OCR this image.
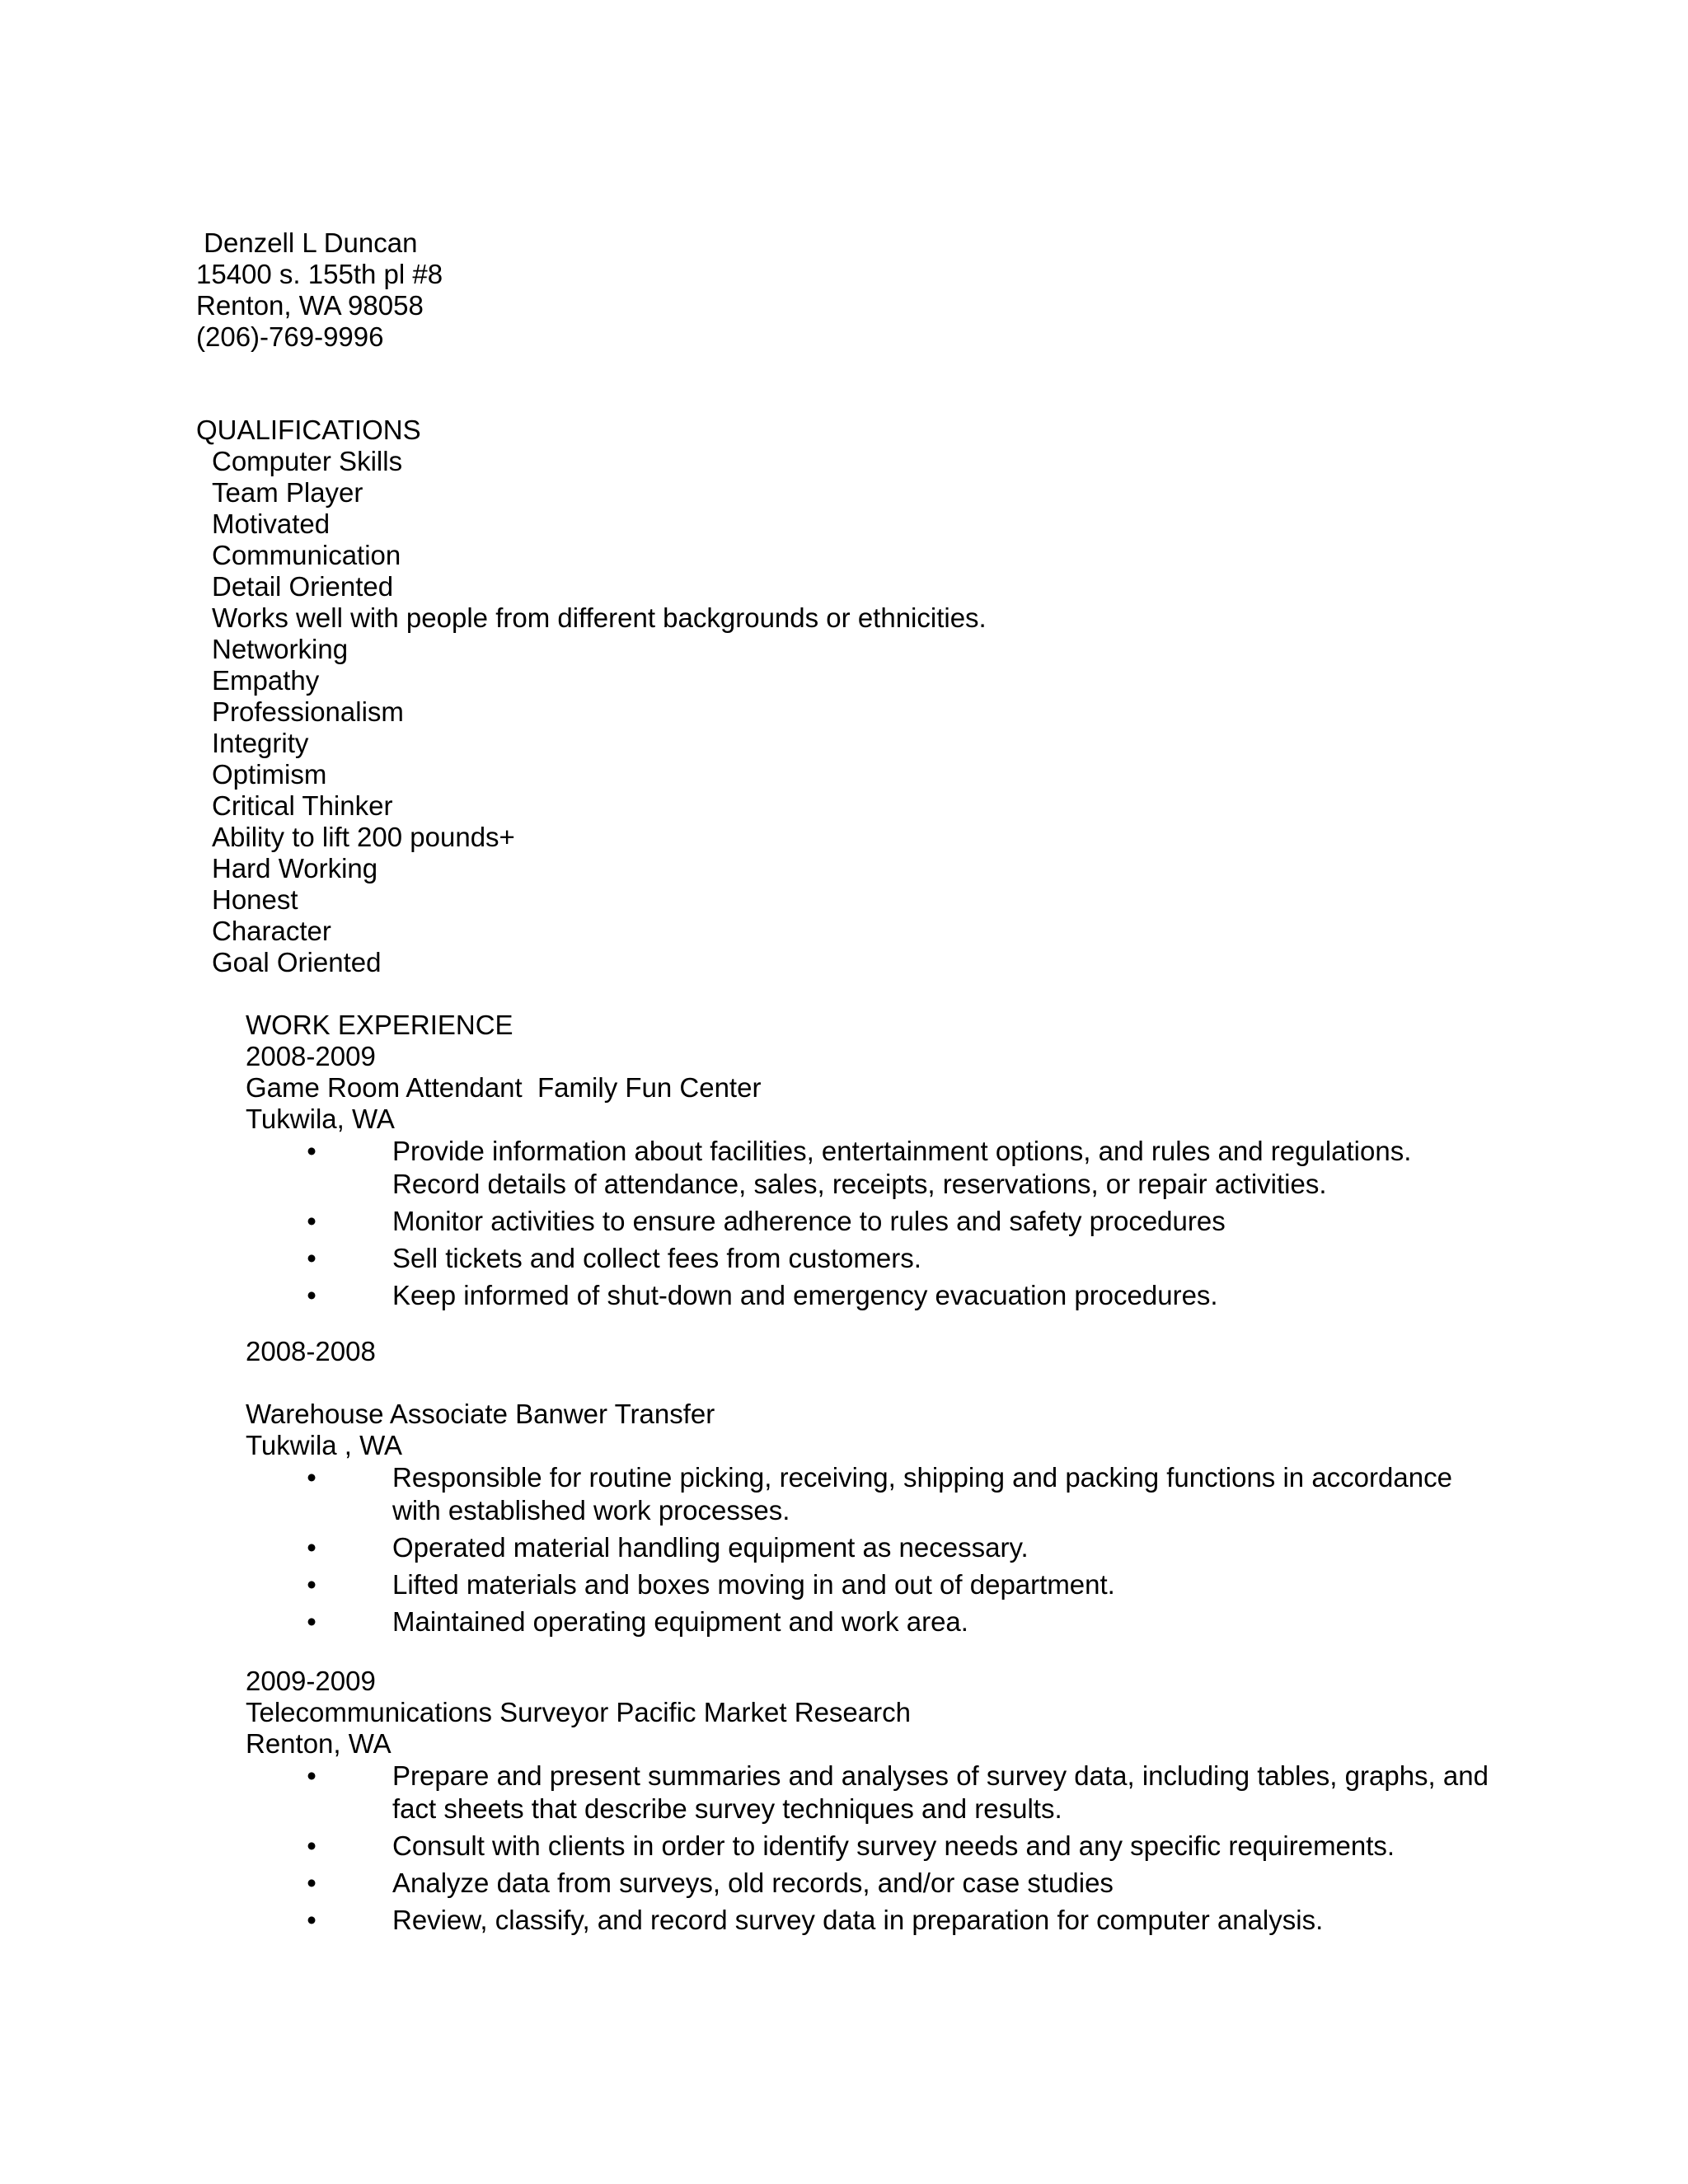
Denzell L Duncan
15400 s. 155th pl #8
Renton, WA 98058
(206)-769-9996
QUALIFICATIONS
Computer Skills
Team Player
Motivated
Communication
Detail Oriented
Works well with people from different backgrounds or ethnicities.
Networking
Empathy
Professionalism
Integrity
Optimism
Critical Thinker
Ability to lift 200 pounds+
Hard Working
Honest
Character
Goal Oriented
WORK EXPERIENCE
2008-2009
Game Room Attendant  Family Fun Center
Tukwila, WA
•	Provide information about facilities, entertainment options, and rules and regulations.
Record details of attendance, sales, receipts, reservations, or repair activities.
•	Monitor activities to ensure adherence to rules and safety procedures
•	Sell tickets and collect fees from customers.
•	Keep informed of shut-down and emergency evacuation procedures.
2008-2008
Warehouse Associate Banwer Transfer
Tukwila , WA
•	Responsible for routine picking, receiving, shipping and packing functions in accordance with established work processes.
•	Operated material handling equipment as necessary.
•	Lifted materials and boxes moving in and out of department.
•	Maintained operating equipment and work area.
2009-2009
Telecommunications Surveyor Pacific Market Research
Renton, WA
•	Prepare and present summaries and analyses of survey data, including tables, graphs, and fact sheets that describe survey techniques and results.
•	Consult with clients in order to identify survey needs and any specific requirements.
•	Analyze data from surveys, old records, and/or case studies
•	Review, classify, and record survey data in preparation for computer analysis.
